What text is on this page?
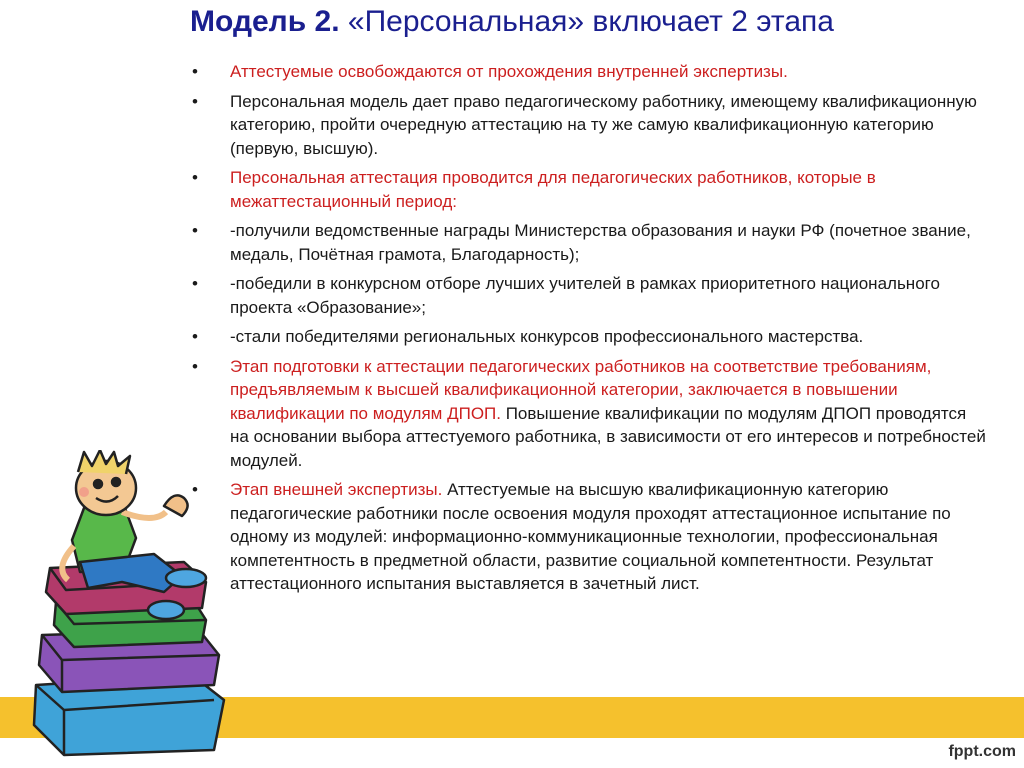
Модель 2. «Персональная» включает 2 этапа
• Аттестуемые освобождаются от прохождения внутренней экспертизы.
• Персональная модель дает право педагогическому работнику, имеющему квалификационную категорию, пройти очередную аттестацию на ту же самую квалификационную категорию (первую, высшую).
• Персональная аттестация проводится для педагогических работников, которые в межаттестационный период:
• -получили ведомственные награды Министерства образования и науки РФ (почетное звание, медаль, Почётная грамота, Благодарность);
• -победили в конкурсном отборе лучших учителей в рамках приоритетного национального проекта «Образование»;
• -стали победителями региональных конкурсов профессионального мастерства.
• Этап подготовки к аттестации педагогических работников на соответствие требованиям, предъявляемым к высшей квалификационной категории, заключается в повышении квалификации по модулям ДПОП. Повышение квалификации по модулям ДПОП проводятся на основании выбора аттестуемого работника, в зависимости от его интересов и потребностей модулей.
• Этап внешней экспертизы. Аттестуемые на высшую квалификационную категорию педагогические работники после освоения модуля проходят аттестационное испытание по одному из модулей: информационно-коммуникационные технологии, профессиональная компетентность в предметной области, развитие социальной компетентности. Результат аттестационного испытания выставляется в зачетный лист.
fppt.com
